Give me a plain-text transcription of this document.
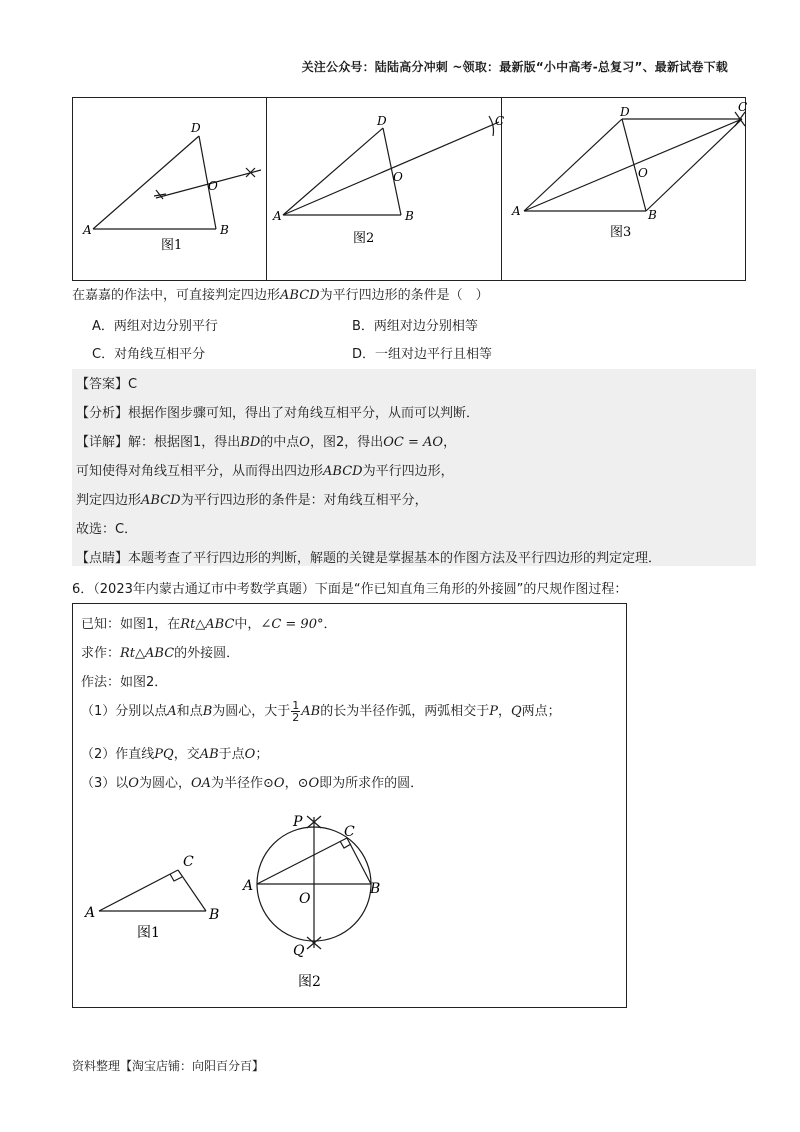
关注公众号：陆陆高分冲刺 ~领取：最新版“小中高考-总复习”、最新试卷下载
A	B
D
O
图1
A	B
D
O
C
图2
A	B
D
O
C
图3
在嘉嘉的作法中，可直接判定四边形ABCD为平行四边形的条件是（　）
A．两组对边分别平行	B．两组对边分别相等
C．对角线互相平分	D．一组对边平行且相等
【答案】C
【分析】根据作图步骤可知，得出了对角线互相平分，从而可以判断．
【详解】解：根据图1，得出BD的中点O，图2，得出OC = AO，
可知使得对角线互相平分，从而得出四边形ABCD为平行四边形，
判定四边形ABCD为平行四边形的条件是：对角线互相平分，
故选：C．
【点睛】本题考查了平行四边形的判断，解题的关键是掌握基本的作图方法及平行四边形的判定定理．
6．（2023年内蒙古通辽市中考数学真题）下面是“作已知直角三角形的外接圆”的尺规作图过程：
已知：如图1，在Rt△ABC中，∠C = 90°．
求作：Rt△ABC的外接圆．
作法：如图2．
（1）分别以点A和点B为圆心，大于 $\frac{1}{2}$ AB的长为半径作弧，两弧相交于P，Q两点；
（2）作直线PQ，交AB于点O；
（3）以O为圆心，OA为半径作⊙O，⊙O即为所求作的圆．
A	B
C
图1
A	B
C
O
P
Q
图2
资料整理【淘宝店铺：向阳百分百】
